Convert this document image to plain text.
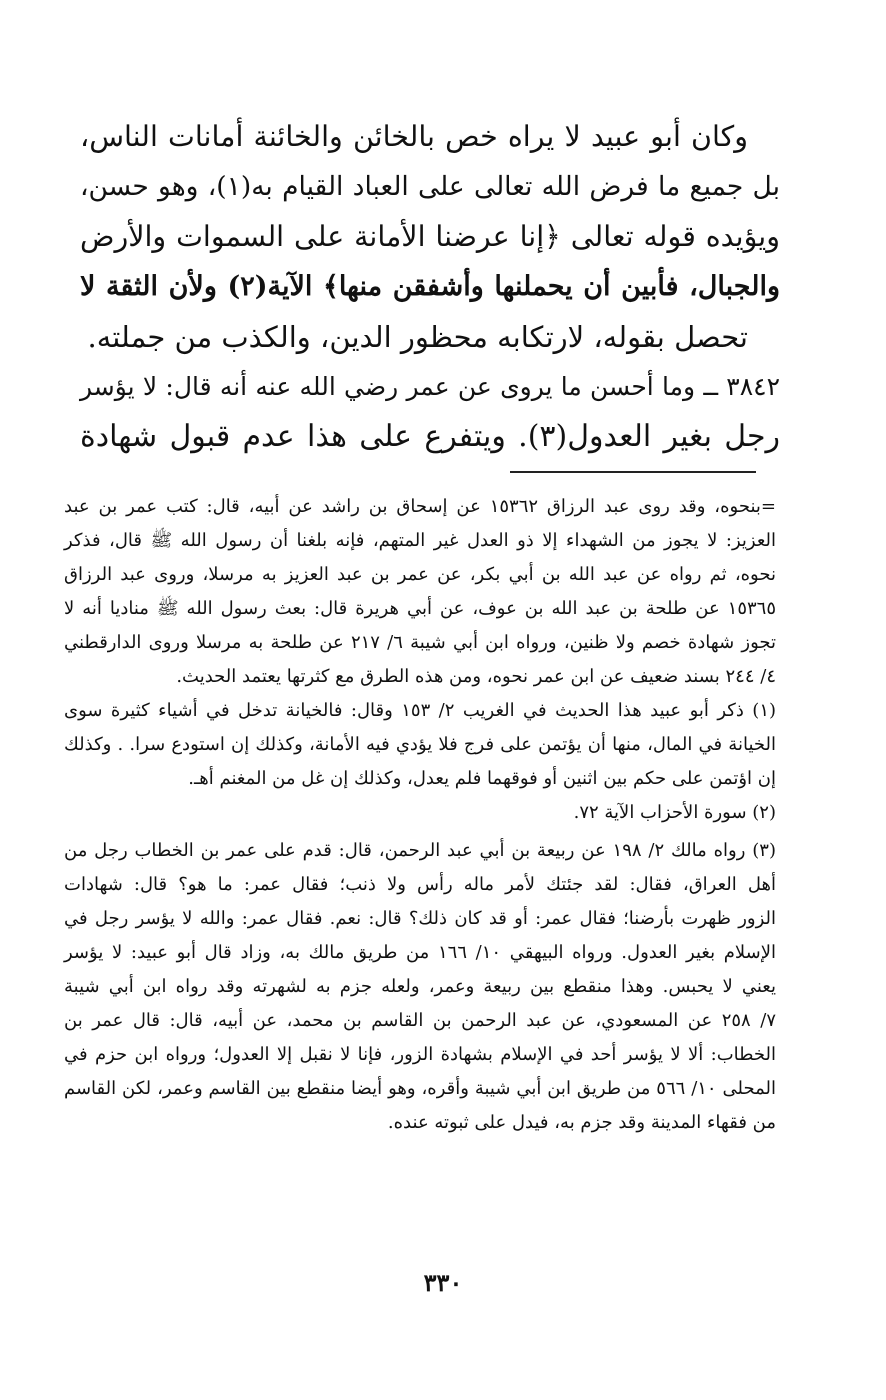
وكان أبو عبيد لا يراه خص بالخائن والخائنة أمانات الناس،
بل جميع ما فرض الله تعالى على العباد القيام به(١)، وهو حسن،
ويؤيده قوله تعالى ﴿إنا عرضنا الأمانة على السموات والأرض
والجبال، فأبين أن يحملنها وأشفقن منها﴾ الآية(٢) ولأن الثقة لا
تحصل بقوله، لارتكابه محظور الدين، والكذب من جملته.
٣٨٤٢ ــ وما أحسن ما يروى عن عمر رضي الله عنه أنه قال: لا يؤسر
رجل بغير العدول(٣). ويتفرع على هذا عدم قبول شهادة
=بنحوه، وقد روى عبد الرزاق ١٥٣٦٢ عن إسحاق بن راشد عن أبيه، قال: كتب عمر بن عبد
العزيز: لا يجوز من الشهداء إلا ذو العدل غير المتهم، فإنه بلغنا أن رسول الله ﷺ قال، فذكر
نحوه، ثم رواه عن عبد الله بن أبي بكر، عن عمر بن عبد العزيز به مرسلا، وروى عبد الرزاق
١٥٣٦٥ عن طلحة بن عبد الله بن عوف، عن أبي هريرة قال: بعث رسول الله ﷺ مناديا أنه لا
تجوز شهادة خصم ولا ظنين، ورواه ابن أبي شيبة ٦/ ٢١٧ عن طلحة به مرسلا وروى الدارقطني
٤/ ٢٤٤ بسند ضعيف عن ابن عمر نحوه، ومن هذه الطرق مع كثرتها يعتمد الحديث.
(١) ذكر أبو عبيد هذا الحديث في الغريب ٢/ ١٥٣ وقال: فالخيانة تدخل في أشياء كثيرة سوى
الخيانة في المال، منها أن يؤتمن على فرج فلا يؤدي فيه الأمانة، وكذلك إن استودع سرا. . وكذلك
إن اؤتمن على حكم بين اثنين أو فوقهما فلم يعدل، وكذلك إن غل من المغنم أهـ.
(٢) سورة الأحزاب الآية ٧٢.
(٣) رواه مالك ٢/ ١٩٨ عن ربيعة بن أبي عبد الرحمن، قال: قدم على عمر بن الخطاب رجل من
أهل العراق، فقال: لقد جئتك لأمر ماله رأس ولا ذنب؛ فقال عمر: ما هو؟ قال: شهادات
الزور ظهرت بأرضنا؛ فقال عمر: أو قد كان ذلك؟ قال: نعم. فقال عمر: والله لا يؤسر رجل في
الإسلام بغير العدول. ورواه البيهقي ١٠/ ١٦٦ من طريق مالك به، وزاد قال أبو عبيد: لا يؤسر
يعني لا يحبس. وهذا منقطع بين ربيعة وعمر، ولعله جزم به لشهرته وقد رواه ابن أبي شيبة
٧/ ٢٥٨ عن المسعودي، عن عبد الرحمن بن القاسم بن محمد، عن أبيه، قال: قال عمر بن
الخطاب: ألا لا يؤسر أحد في الإسلام بشهادة الزور، فإنا لا نقبل إلا العدول؛ ورواه ابن حزم في
المحلى ١٠/ ٥٦٦ من طريق ابن أبي شيبة وأقره، وهو أيضا منقطع بين القاسم وعمر، لكن القاسم
من فقهاء المدينة وقد جزم به، فيدل على ثبوته عنده.
٣٣٠
